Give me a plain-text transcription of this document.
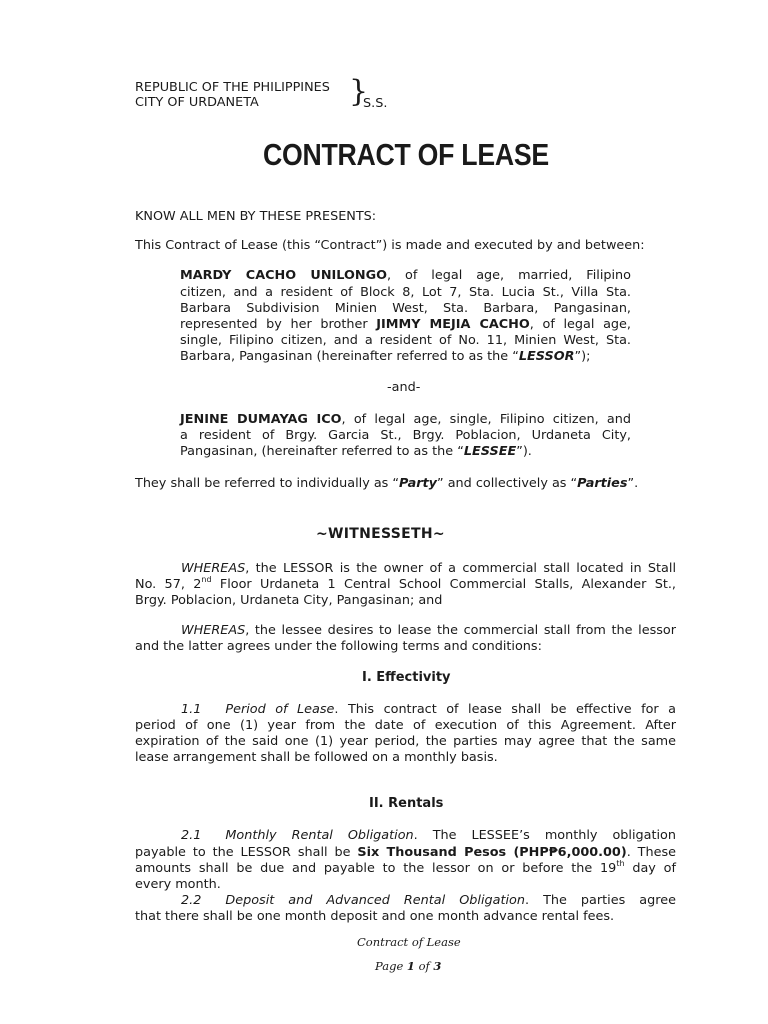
REPUBLIC OF THE PHILIPPINES
CITY OF URDANETA	}
S.S.
CONTRACT OF LEASE
KNOW ALL MEN BY THESE PRESENTS:
This Contract of Lease (this “Contract”) is made and executed by and between:
MARDY CACHO UNILONGO, of legal age, married, Filipino
citizen, and a resident of Block 8, Lot 7, Sta. Lucia St., Villa Sta.
Barbara Subdivision Minien West, Sta. Barbara, Pangasinan,
represented by her brother JIMMY MEJIA CACHO, of legal age,
single, Filipino citizen, and a resident of No. 11, Minien West, Sta.
Barbara, Pangasinan (hereinafter referred to as the “LESSOR”);
-and-
JENINE DUMAYAG ICO, of legal age, single, Filipino citizen, and
a resident of Brgy. Garcia St., Brgy. Poblacion, Urdaneta City,
Pangasinan, (hereinafter referred to as the “LESSEE”).
They shall be referred to individually as “Party” and collectively as “Parties”.
~WITNESSETH~
WHEREAS, the LESSOR is the owner of a commercial stall located in Stall
No. 57, 2nd Floor Urdaneta 1 Central School Commercial Stalls, Alexander St.,
Brgy. Poblacion, Urdaneta City, Pangasinan; and
WHEREAS, the lessee desires to lease the commercial stall from the lessor
and the latter agrees under the following terms and conditions:
I. Effectivity
1.1 Period of Lease. This contract of lease shall be effective for a
period of one (1) year from the date of execution of this Agreement. After
expiration of the said one (1) year period, the parties may agree that the same
lease arrangement shall be followed on a monthly basis.
II. Rentals
2.1 Monthly Rental Obligation. The LESSEE’s monthly obligation
payable to the LESSOR shall be Six Thousand Pesos (PHP₱6,000.00). These
amounts shall be due and payable to the lessor on or before the 19th day of
every month.
2.2 Deposit and Advanced Rental Obligation. The parties agree
that there shall be one month deposit and one month advance rental fees.
Contract of Lease
Page 1 of 3
